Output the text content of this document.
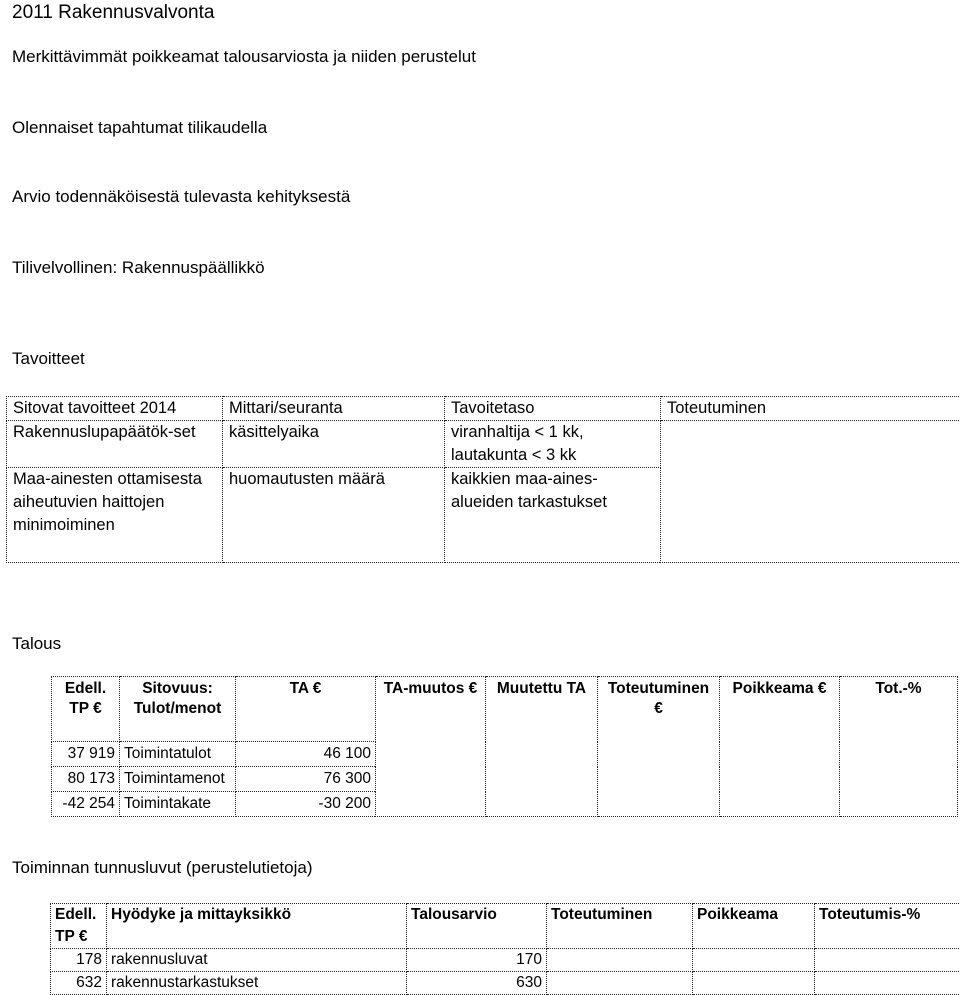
2011 Rakennusvalvonta
Merkittävimmät poikkeamat talousarviosta ja niiden perustelut
Olennaiset tapahtumat tilikaudella
Arvio todennäköisestä tulevasta kehityksestä
Tilivelvollinen: Rakennuspäällikkö
Tavoitteet
Sitovat tavoitteet 2014	Mittari/seuranta	Tavoitetaso	Toteutuminen
Rakennuslupapäätök-set	käsittelyaika	viranhaltija < 1 kk, lautakunta < 3 kk	
Maa-ainesten ottamisesta aiheutuvien haittojen minimoiminen	huomautusten määrä	kaikkien maa-aines-alueiden tarkastukset	
Talous
Edell. TP €	Sitovuus: Tulot/menot	TA €	TA-muutos €	Muutettu TA	Toteutuminen €	Poikkeama €	Tot.-%
37 919	Toimintatulot	46 100					
80 173	Toimintamenot	76 300					
-42 254	Toimintakate	-30 200					
Toiminnan tunnusluvut (perustelutietoja)
Edell. TP €	Hyödyke ja mittayksikkö	Talousarvio	Toteutuminen	Poikkeama	Toteutumis-%
178	rakennusluvat	170			
632	rakennustarkastukset	630			
